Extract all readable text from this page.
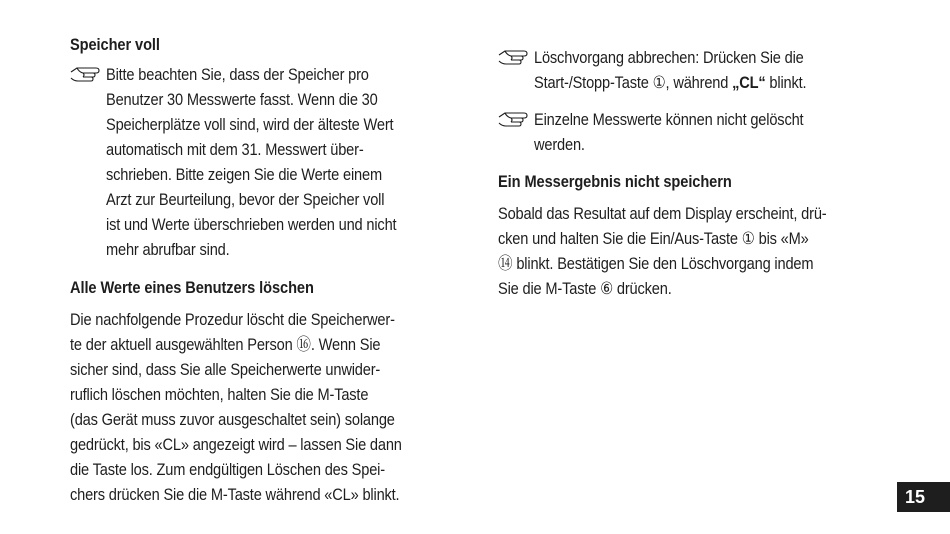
Speicher voll
Bitte beachten Sie, dass der Speicher pro
Benutzer 30 Messwerte fasst. Wenn die 30
Speicherplätze voll sind, wird der älteste Wert
automatisch mit dem 31. Messwert über-
schrieben. Bitte zeigen Sie die Werte einem
Arzt zur Beurteilung, bevor der Speicher voll
ist und Werte überschrieben werden und nicht
mehr abrufbar sind.
Alle Werte eines Benutzers löschen
Die nachfolgende Prozedur löscht die Speicherwer-
te der aktuell ausgewählten Person ⑯. Wenn Sie
sicher sind, dass Sie alle Speicherwerte unwider-
ruflich löschen möchten, halten Sie die M-Taste
(das Gerät muss zuvor ausgeschaltet sein) solange
gedrückt, bis «CL» angezeigt wird – lassen Sie dann
die Taste los. Zum endgültigen Löschen des Spei-
chers drücken Sie die M-Taste während «CL» blinkt.
Löschvorgang abbrechen: Drücken Sie die
Start-/Stopp-Taste ①, während „CL“ blinkt.
Einzelne Messwerte können nicht gelöscht
werden.
Ein Messergebnis nicht speichern
Sobald das Resultat auf dem Display erscheint, drü-
cken und halten Sie die Ein/Aus-Taste ① bis «M»
⑭ blinkt. Bestätigen Sie den Löschvorgang indem
Sie die M-Taste ⑥ drücken.
15
